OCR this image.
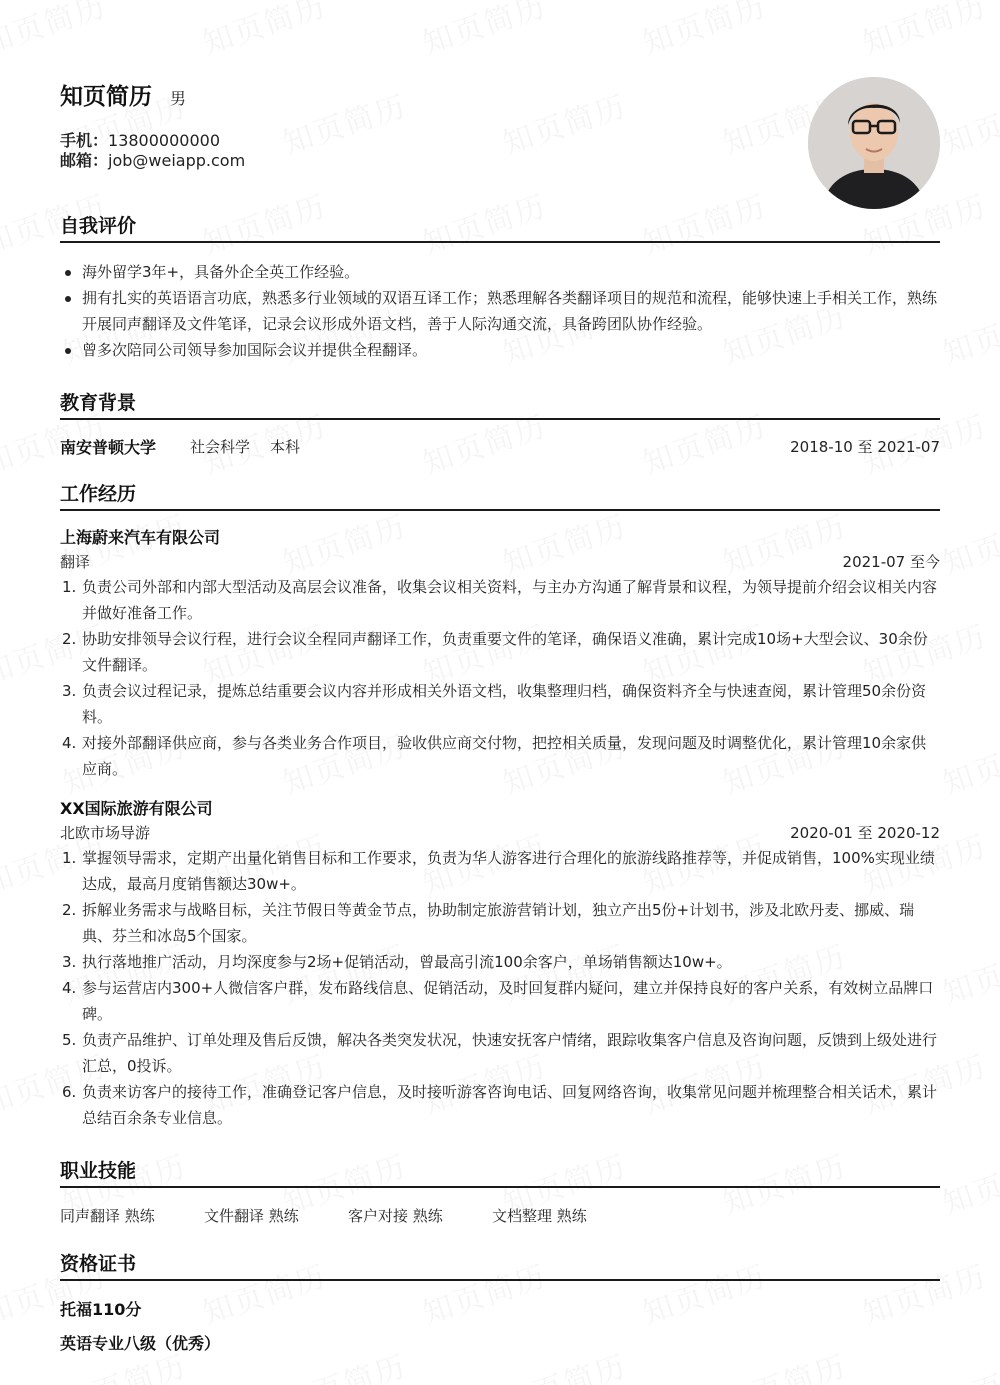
知页简历 男
手机：13800000000
邮箱：job@weiapp.com
自我评价
海外留学3年+，具备外企全英工作经验。
拥有扎实的英语语言功底，熟悉多行业领域的双语互译工作；熟悉理解各类翻译项目的规范和流程，能够快速上手相关工作，熟练开展同声翻译及文件笔译，记录会议形成外语文档，善于人际沟通交流，具备跨团队协作经验。
曾多次陪同公司领导参加国际会议并提供全程翻译。
教育背景
南安普顿大学 社会科学 本科	2018-10 至 2021-07
工作经历
上海蔚来汽车有限公司
翻译	2021-07 至今
1. 负责公司外部和内部大型活动及高层会议准备，收集会议相关资料，与主办方沟通了解背景和议程，为领导提前介绍会议相关内容并做好准备工作。
2. 协助安排领导会议行程，进行会议全程同声翻译工作，负责重要文件的笔译，确保语义准确，累计完成10场+大型会议、30余份文件翻译。
3. 负责会议过程记录，提炼总结重要会议内容并形成相关外语文档，收集整理归档，确保资料齐全与快速查阅，累计管理50余份资料。
4. 对接外部翻译供应商，参与各类业务合作项目，验收供应商交付物，把控相关质量，发现问题及时调整优化，累计管理10余家供应商。
XX国际旅游有限公司
北欧市场导游	2020-01 至 2020-12
1. 掌握领导需求，定期产出量化销售目标和工作要求，负责为华人游客进行合理化的旅游线路推荐等，并促成销售，100%实现业绩达成，最高月度销售额达30w+。
2. 拆解业务需求与战略目标，关注节假日等黄金节点，协助制定旅游营销计划，独立产出5份+计划书，涉及北欧丹麦、挪威、瑞典、芬兰和冰岛5个国家。
3. 执行落地推广活动，月均深度参与2场+促销活动，曾最高引流100余客户，单场销售额达10w+。
4. 参与运营店内300+人微信客户群，发布路线信息、促销活动，及时回复群内疑问，建立并保持良好的客户关系，有效树立品牌口碑。
5. 负责产品维护、订单处理及售后反馈，解决各类突发状况，快速安抚客户情绪，跟踪收集客户信息及咨询问题，反馈到上级处进行汇总，0投诉。
6. 负责来访客户的接待工作，准确登记客户信息，及时接听游客咨询电话、回复网络咨询，收集常见问题并梳理整合相关话术，累计总结百余条专业信息。
职业技能
同声翻译 熟练	文件翻译 熟练	客户对接 熟练	文档整理 熟练
资格证书
托福110分
英语专业八级（优秀）
